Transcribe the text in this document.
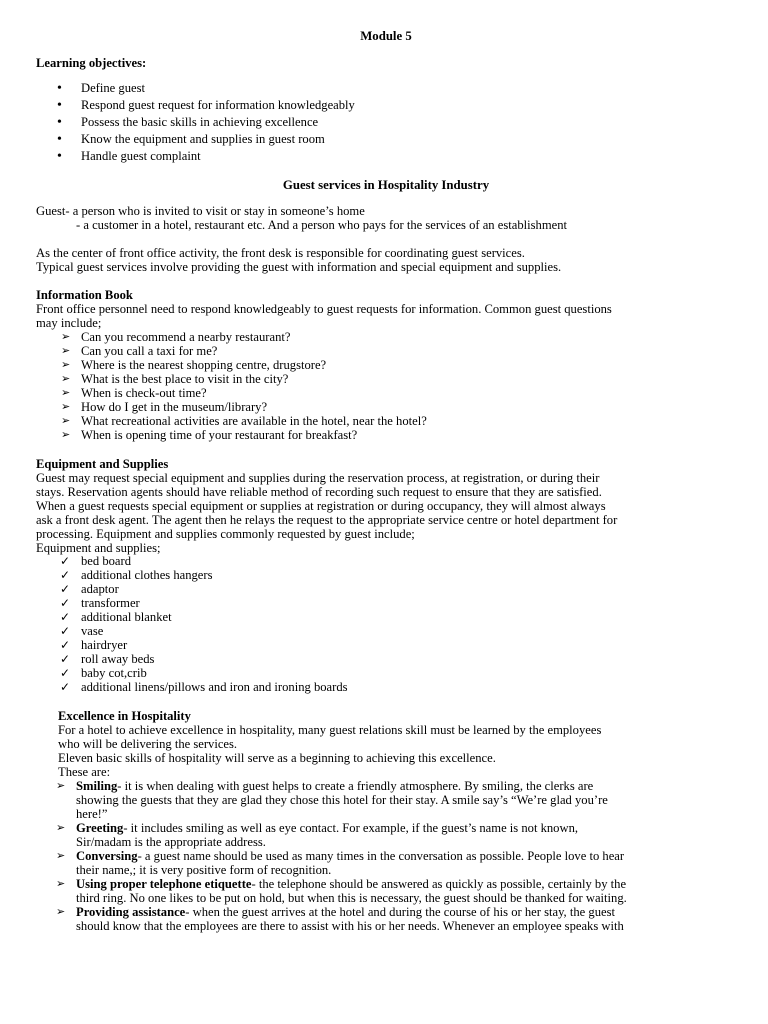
Module 5
Learning objectives:
• Define guest
• Respond guest request for information knowledgeably
• Possess the basic skills in achieving excellence
• Know the equipment and supplies in guest room
• Handle guest complaint
Guest services in Hospitality Industry

Guest- a person who is invited to visit or stay in someone’s home

- a customer in a hotel, restaurant etc. And a person who pays for the services of an establishment

As the center of front office activity, the front desk is responsible for coordinating guest services.

Typical guest services involve providing the guest with information and special equipment and supplies.

Information Book

Front office personnel need to respond knowledgeably to guest requests for information. Common guest questions

may include;

➢ Can you recommend a nearby restaurant?
➢ Can you call a taxi for me?
➢ Where is the nearest shopping centre, drugstore?
➢ What is the best place to visit in the city?
➢ When is check-out time?
➢ How do I get in the museum/library?
➢ What recreational activities are available in the hotel, near the hotel?
➢ When is opening time of your restaurant for breakfast?

Equipment and Supplies

Guest may request special equipment and supplies during the reservation process, at registration, or during their

stays. Reservation agents should have reliable method of recording such request to ensure that they are satisfied.

When a guest requests special equipment or supplies at registration or during occupancy, they will almost always

ask a front desk agent. The agent then he relays the request to the appropriate service centre or hotel department for

processing. Equipment and supplies commonly requested by guest include;

Equipment and supplies;

✓ bed board
✓ additional clothes hangers
✓ adaptor
✓ transformer
✓ additional blanket
✓ vase
✓ hairdryer
✓ roll away beds
✓ baby cot,crib
✓ additional linens/pillows and iron and ironing boards

Excellence in Hospitality

For a hotel to achieve excellence in hospitality, many guest relations skill must be learned by the employees

who will be delivering the services.

Eleven basic skills of hospitality will serve as a beginning to achieving this excellence.

These are:

➢ Smiling- it is when dealing with guest helps to create a friendly atmosphere. By smiling, the clerks are
showing the guests that they are glad they chose this hotel for their stay. A smile say’s “We’re glad you’re
here!”
➢ Greeting- it includes smiling as well as eye contact. For example, if the guest’s name is not known,
Sir/madam is the appropriate address.
➢ Conversing- a guest name should be used as many times in the conversation as possible. People love to hear
their name,; it is very positive form of recognition.
➢ Using proper telephone etiquette- the telephone should be answered as quickly as possible, certainly by the
third ring. No one likes to be put on hold, but when this is necessary, the guest should be thanked for waiting.
➢ Providing assistance- when the guest arrives at the hotel and during the course of his or her stay, the guest
should know that the employees are there to assist with his or her needs. Whenever an employee speaks with
